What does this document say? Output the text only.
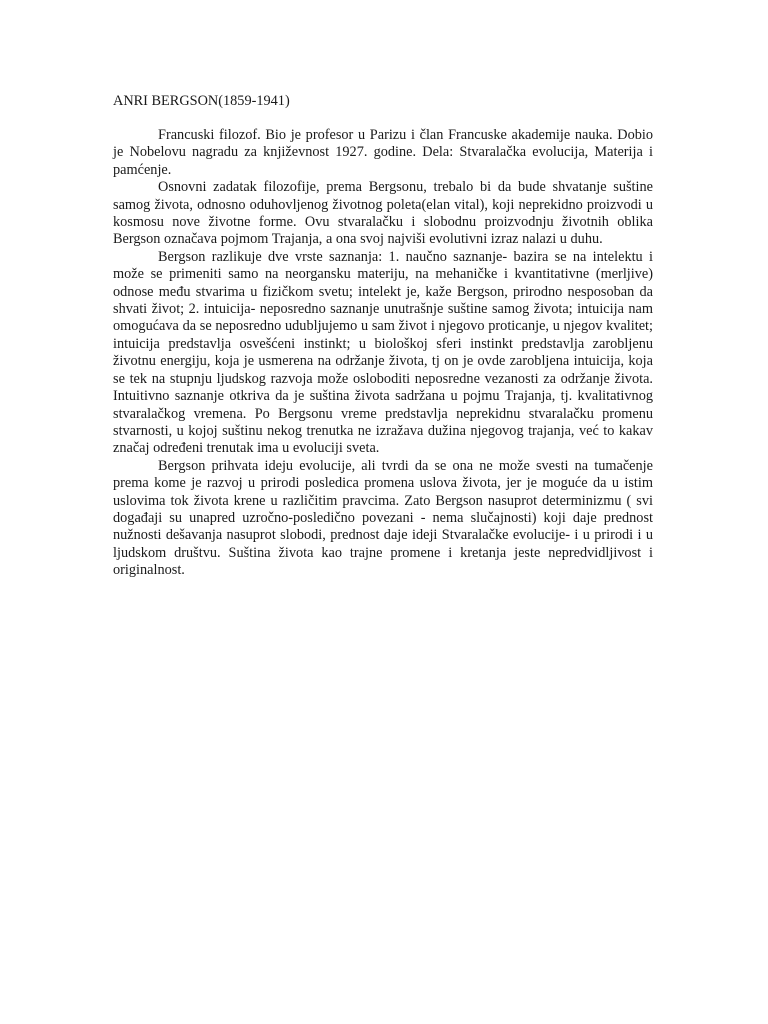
ANRI BERGSON(1859-1941)

Francuski filozof. Bio je profesor u Parizu i član Francuske akademije nauka. Dobio je Nobelovu nagradu za književnost 1927. godine. Dela: Stvaralačka evolucija, Materija i pamćenje.

Osnovni zadatak filozofije, prema Bergsonu, trebalo bi da bude shvatanje suštine samog života, odnosno oduhovljenog životnog poleta(elan vital), koji neprekidno proizvodi u kosmosu nove životne forme. Ovu stvaralačku i slobodnu proizvodnju životnih oblika Bergson označava pojmom Trajanja, a ona svoj najviši evolutivni izraz nalazi u duhu.

Bergson razlikuje dve vrste saznanja: 1. naučno saznanje- bazira se na intelektu i može se primeniti samo na neorgansku materiju, na mehaničke i kvantitativne (merljive) odnose među stvarima u fizičkom svetu; intelekt je, kaže Bergson, prirodno nesposoban da shvati život; 2. intuicija- neposredno saznanje unutrašnje suštine samog života; intuicija nam omogućava da se neposredno udubljujemo u sam život i njegovo proticanje, u njegov kvalitet; intuicija predstavlja osvešćeni instinkt; u biološkoj sferi instinkt predstavlja zarobljenu životnu energiju, koja je usmerena na održanje života, tj on je ovde zarobljena intuicija, koja se tek na stupnju ljudskog razvoja može osloboditi neposredne vezanosti za održanje života. Intuitivno saznanje otkriva da je suština života sadržana u pojmu Trajanja, tj. kvalitativnog stvaralačkog vremena. Po Bergsonu vreme predstavlja neprekidnu stvaralačku promenu stvarnosti, u kojoj suštinu nekog trenutka ne izražava dužina njegovog trajanja, već to kakav značaj određeni trenutak ima u evoluciji sveta.

Bergson prihvata ideju evolucije, ali tvrdi da se ona ne može svesti na tumačenje prema kome je razvoj u prirodi posledica promena uslova života, jer je moguće da u istim uslovima tok života krene u različitim pravcima. Zato Bergson nasuprot determinizmu ( svi događaji su unapred uzročno-posledično povezani - nema slučajnosti) koji daje prednost nužnosti dešavanja nasuprot slobodi, prednost daje ideji Stvaralačke evolucije- i u prirodi i u ljudskom društvu. Suština života kao trajne promene i kretanja jeste nepredvidljivost i originalnost.
